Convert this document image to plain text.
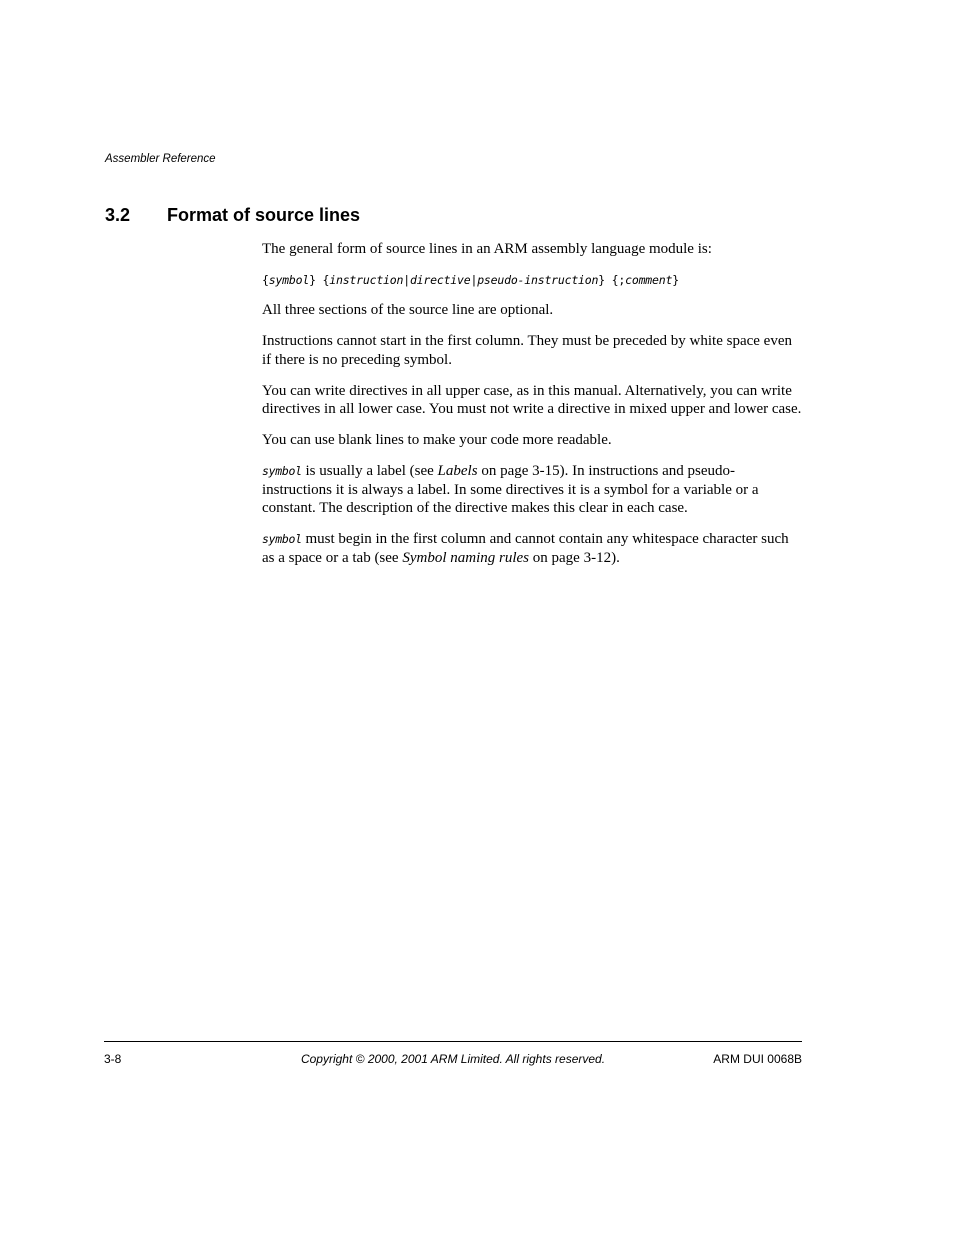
Assembler Reference
3.2 Format of source lines

The general form of source lines in an ARM assembly language module is:

{symbol} {instruction|directive|pseudo-instruction} {;comment}

All three sections of the source line are optional.

Instructions cannot start in the first column. They must be preceded by white space even if there is no preceding symbol.

You can write directives in all upper case, as in this manual. Alternatively, you can write directives in all lower case. You must not write a directive in mixed upper and lower case.

You can use blank lines to make your code more readable.

symbol is usually a label (see Labels on page 3-15). In instructions and pseudo-instructions it is always a label. In some directives it is a symbol for a variable or a constant. The description of the directive makes this clear in each case.

symbol must begin in the first column and cannot contain any whitespace character such as a space or a tab (see Symbol naming rules on page 3-12).

3-8	Copyright © 2000, 2001 ARM Limited. All rights reserved.	ARM DUI 0068B
